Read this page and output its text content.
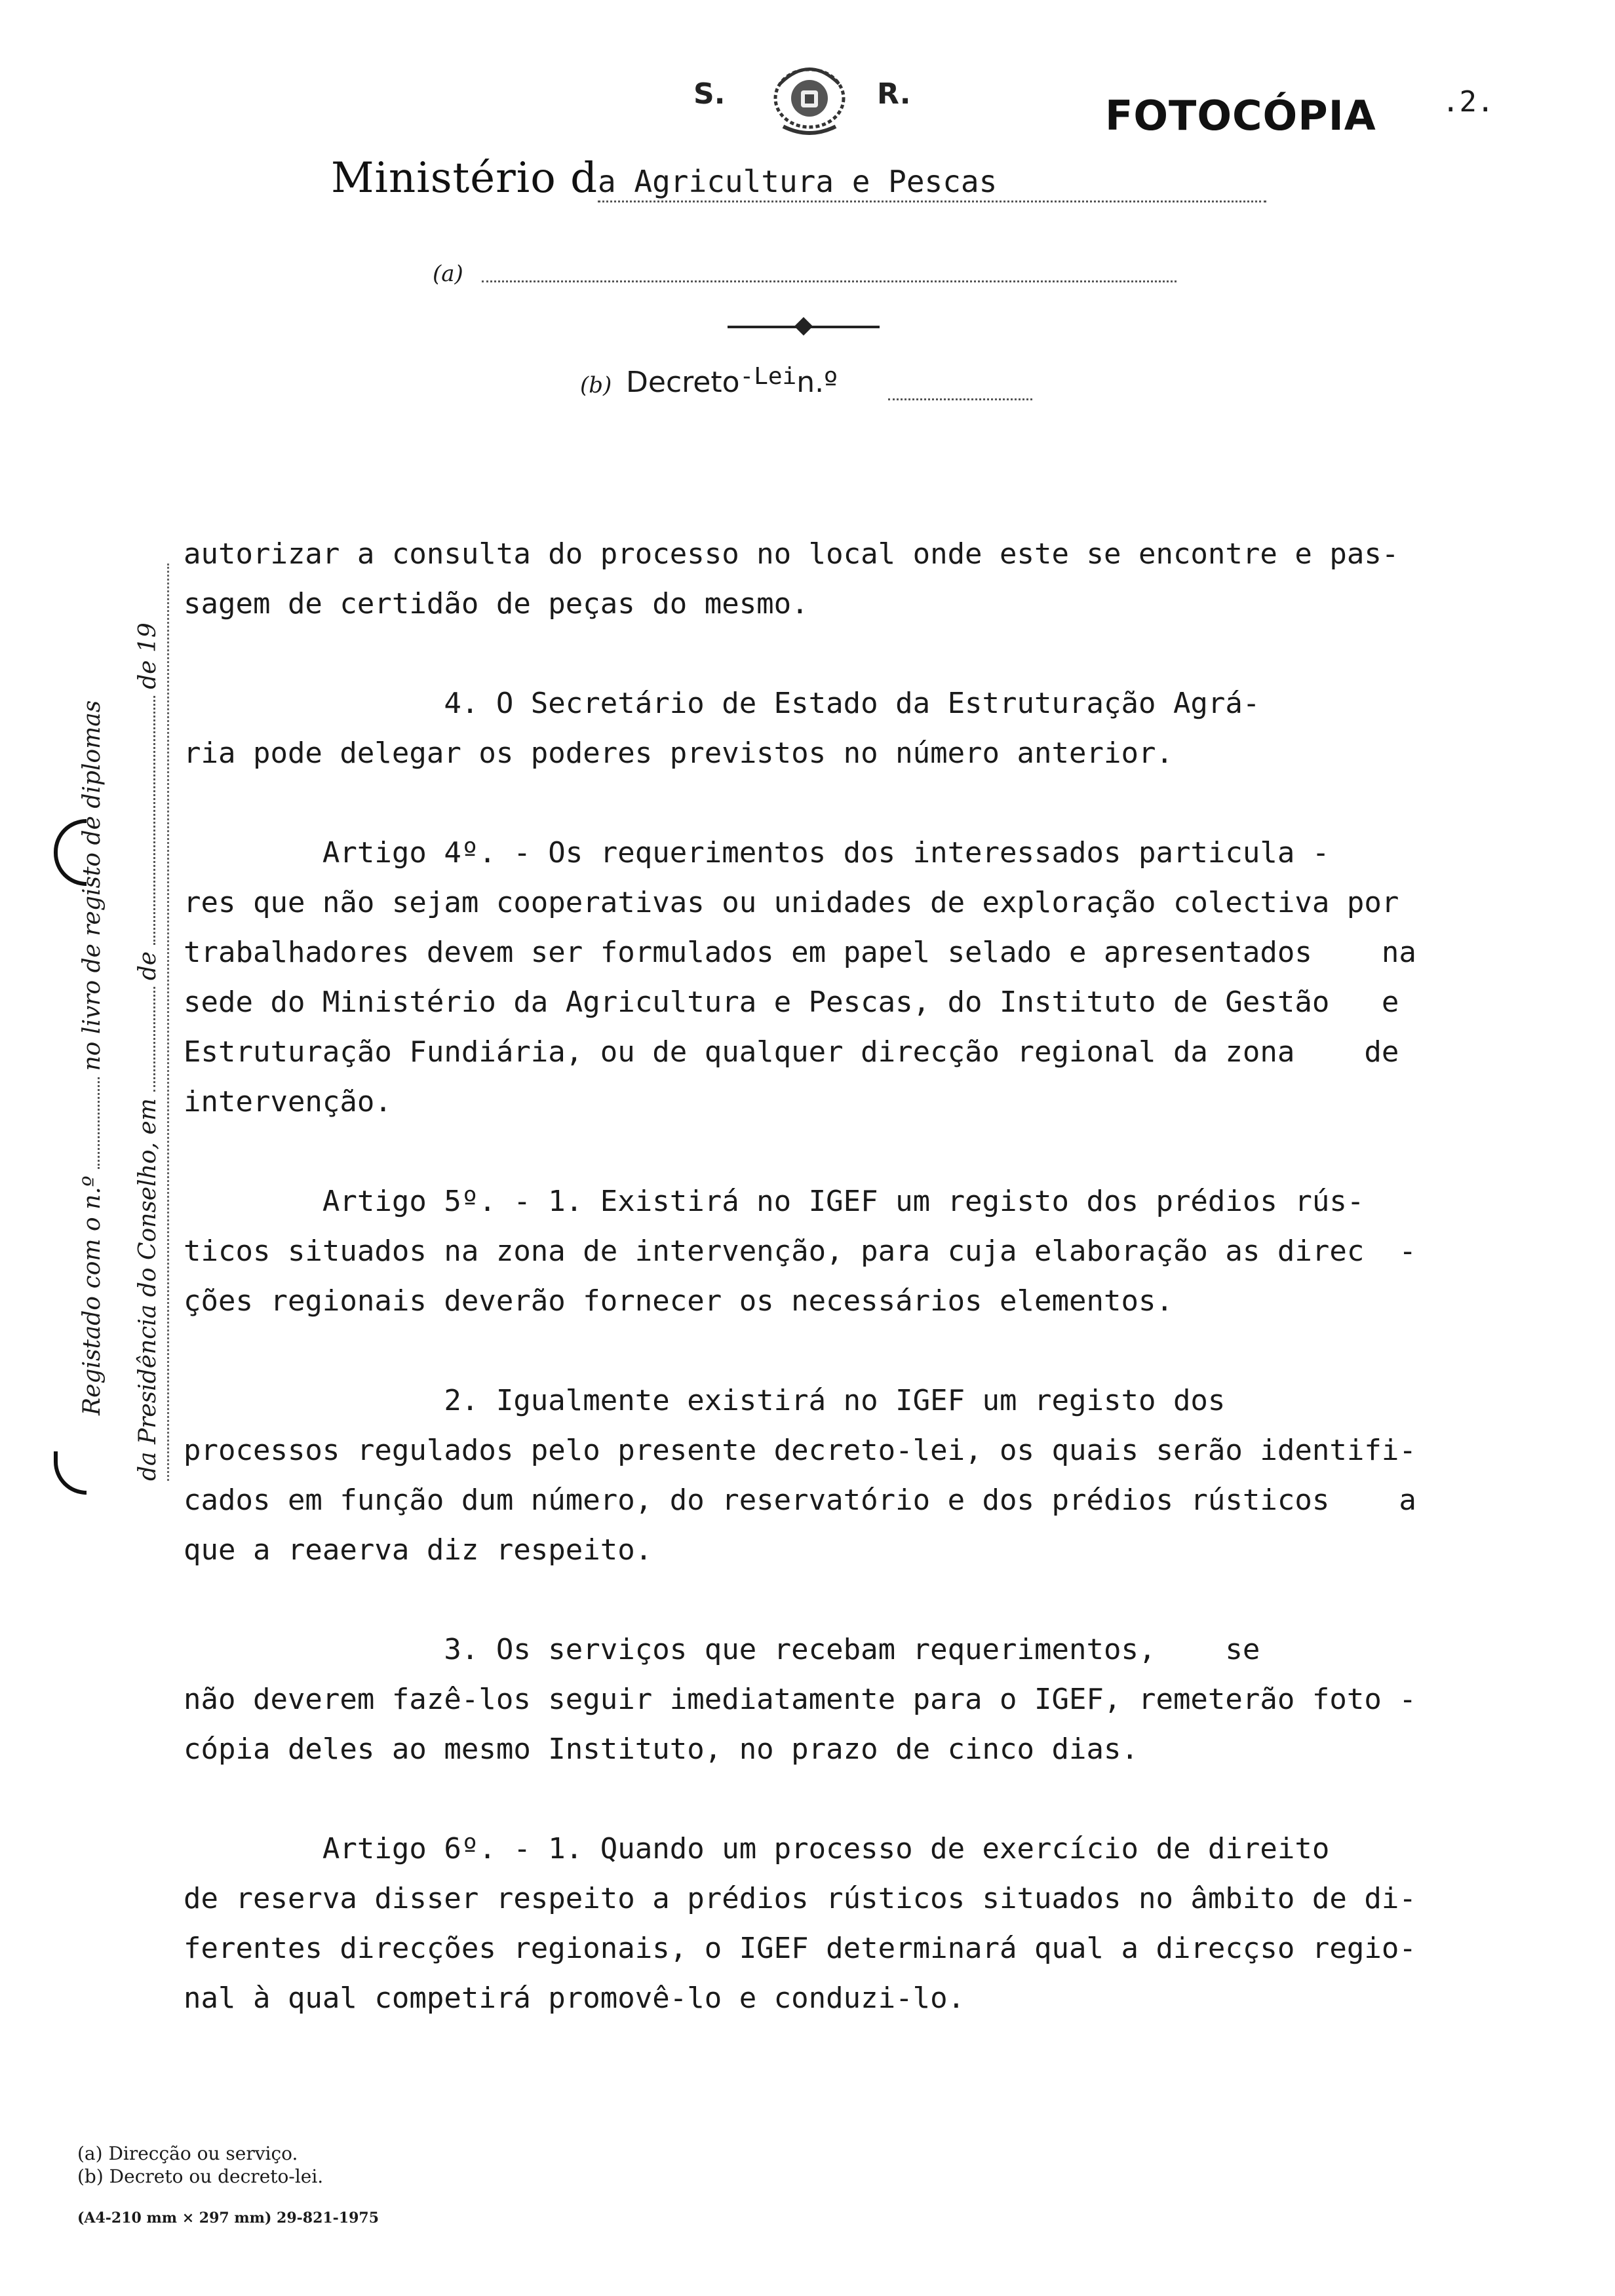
S.	R.	FOTOCÓPIA .2.
Ministério d a Agricultura e Pescas
(a)
(b) Decreto$^{-Lei}$n.º
Registado com o n.º
no livro de registo de diplomas
da Presidência do Conselho, em
de
de 19

autorizar a consulta do processo no local onde este se encontre e pas-

sagem de certidão de peças do mesmo.

4. O Secretário de Estado da Estruturação Agrá-

ria pode delegar os poderes previstos no número anterior.

Artigo 4º. - Os requerimentos dos interessados particula -

res que não sejam cooperativas ou unidades de exploração colectiva por

trabalhadores devem ser formulados em papel selado e apresentados    na

sede do Ministério da Agricultura e Pescas, do Instituto de Gestão   e

Estruturação Fundiária, ou de qualquer direcção regional da zona    de

intervenção.

Artigo 5º. - 1. Existirá no IGEF um registo dos prédios rús-

ticos situados na zona de intervenção, para cuja elaboração as direc  -

ções regionais deverão fornecer os necessários elementos.

2. Igualmente existirá no IGEF um registo dos

processos regulados pelo presente decreto-lei, os quais serão identifi-

cados em função dum número, do reservatório e dos prédios rústicos    a

que a reaerva diz respeito.

3. Os serviços que recebam requerimentos,    se

não deverem fazê-los seguir imediatamente para o IGEF, remeterão foto -

cópia deles ao mesmo Instituto, no prazo de cinco dias.

Artigo 6º. - 1. Quando um processo de exercício de direito

de reserva disser respeito a prédios rústicos situados no âmbito de di-

ferentes direcções regionais, o IGEF determinará qual a direcçso regio-

nal à qual competirá promovê-lo e conduzi-lo.

(a) Direcção ou serviço.
(b) Decreto ou decreto-lei.
(A4-210 mm × 297 mm) 29-821-1975
